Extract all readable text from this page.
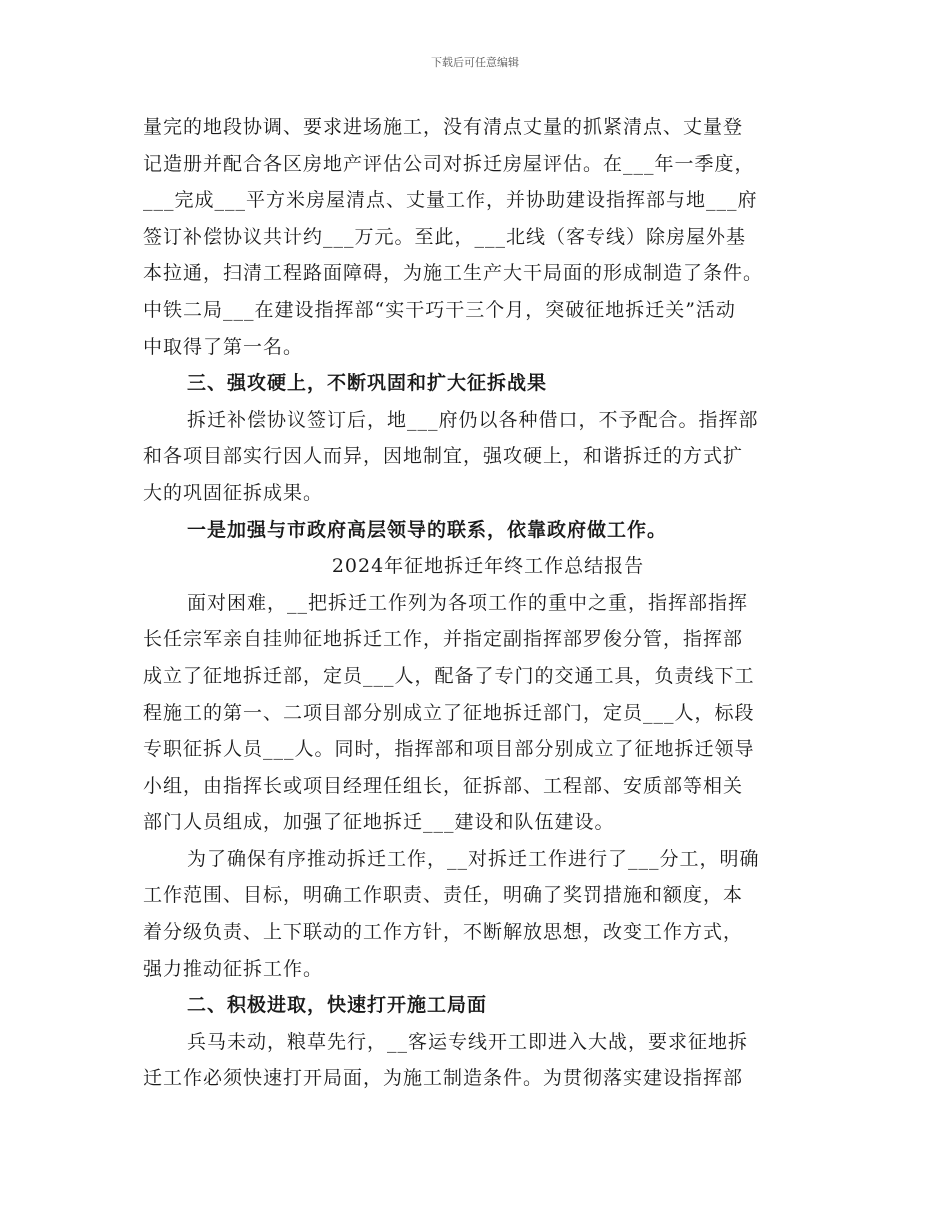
下载后可任意编辑
量完的地段协调、要求进场施工，没有清点丈量的抓紧清点、丈量登
记造册并配合各区房地产评估公司对拆迁房屋评估。在___年一季度，
___完成___平方米房屋清点、丈量工作，并协助建设指挥部与地___府
签订补偿协议共计约___万元。至此，___北线（客专线）除房屋外基
本拉通，扫清工程路面障碍，为施工生产大干局面的形成制造了条件。
中铁二局___在建设指挥部“实干巧干三个月，突破征地拆迁关”活动
中取得了第一名。
三、强攻硬上，不断巩固和扩大征拆战果
拆迁补偿协议签订后，地___府仍以各种借口，不予配合。指挥部
和各项目部实行因人而异，因地制宜，强攻硬上，和谐拆迁的方式扩
大的巩固征拆成果。
一是加强与市政府高层领导的联系，依靠政府做工作。
2024年征地拆迁年终工作总结报告
面对困难，__把拆迁工作列为各项工作的重中之重，指挥部指挥
长任宗军亲自挂帅征地拆迁工作，并指定副指挥部罗俊分管，指挥部
成立了征地拆迁部，定员___人，配备了专门的交通工具，负责线下工
程施工的第一、二项目部分别成立了征地拆迁部门，定员___人，标段
专职征拆人员___人。同时，指挥部和项目部分别成立了征地拆迁领导
小组，由指挥长或项目经理任组长，征拆部、工程部、安质部等相关
部门人员组成，加强了征地拆迁___建设和队伍建设。
为了确保有序推动拆迁工作，__对拆迁工作进行了___分工，明确
工作范围、目标，明确工作职责、责任，明确了奖罚措施和额度，本
着分级负责、上下联动的工作方针，不断解放思想，改变工作方式，
强力推动征拆工作。
二、积极进取，快速打开施工局面
兵马未动，粮草先行，__客运专线开工即进入大战，要求征地拆
迁工作必须快速打开局面，为施工制造条件。为贯彻落实建设指挥部
